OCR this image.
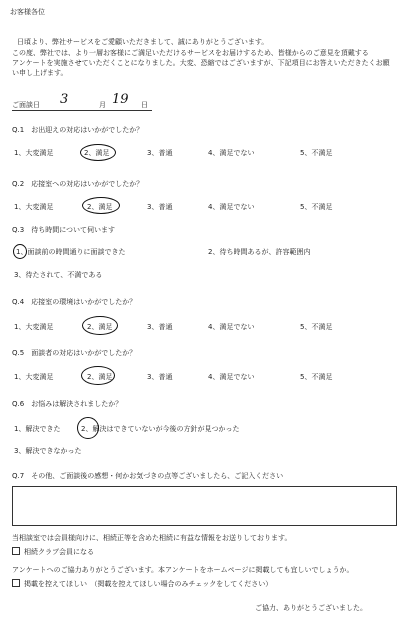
お客様各位
日頃より、弊社サービスをご愛顧いただきまして、誠にありがとうございます。
この度、弊社では、より一層お客様にご満足いただけるサービスをお届けするため、皆様からのご意見を頂戴する
アンケートを実施させていただくことになりました。大変、恐縮ではございますが、下記項目にお答えいただきたくお願
い申し上げます。
ご面談日 3	月 19 日
Q.1　お出迎えの対応はいかがでしたか？
1、大変満足	2、満足	3、普通	4、満足でない	5、不満足
Q.2　応接室への対応はいかがでしたか？
1、大変満足	2、満足	3、普通	4、満足でない	5、不満足
Q.3　待ち時間について伺います
1、面談前の時間通りに面談できた	2、待ち時間あるが、許容範囲内
3、待たされて、不満である
Q.4　応接室の環境はいかがでしたか？
1、大変満足	2、満足	3、普通	4、満足でない	5、不満足
Q.5　面談者の対応はいかがでしたか？
1、大変満足	2、満足	3、普通	4、満足でない	5、不満足
Q.6　お悩みは解決されましたか？
1、解決できた	2、解決はできていないが今後の方針が見つかった
3、解決できなかった
Q.7　その他、ご面談後の感想・何かお気づきの点等ございましたら、ご記入ください
当相談室では会員様向けに、相続正等を含めた相続に有益な情報をお送りしております。
相続クラブ会員になる
アンケートへのご協力ありがとうございます。本アンケートをホームページに掲載しても宜しいでしょうか。
掲載を控えてほしい　（掲載を控えてほしい場合のみチェックをしてください）
ご協力、ありがとうございました。
